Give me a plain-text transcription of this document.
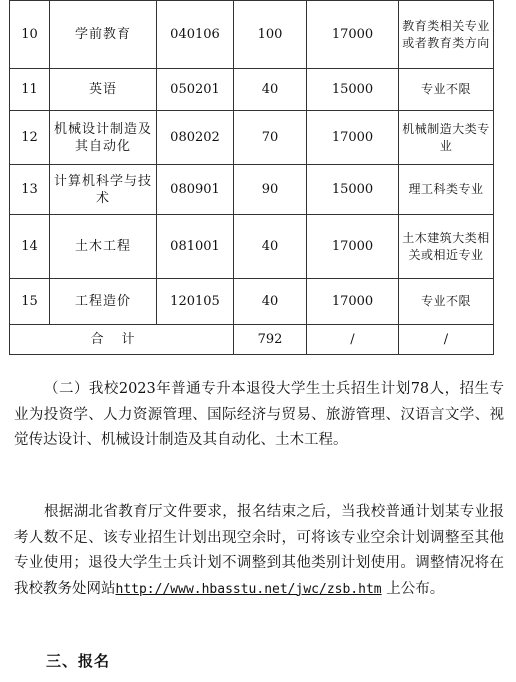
10	学前教育	040106	100	17000	教育类相关专业或者教育类方向
11	英语	050201	40	15000	专业不限
12	机械设计制造及其自动化	080202	70	17000	机械制造大类专业
13	计算机科学与技术	080901	90	15000	理工科类专业
14	土木工程	081001	40	17000	土木建筑大类相关或相近专业
15	工程造价	120105	40	17000	专业不限
合计			792	/	/

（二）我校2023年普通专升本退役大学生士兵招生计划78人，招生专业为投资学、人力资源管理、国际经济与贸易、旅游管理、汉语言文学、视觉传达设计、机械设计制造及其自动化、土木工程。

根据湖北省教育厅文件要求，报名结束之后，当我校普通计划某专业报考人数不足、该专业招生计划出现空余时，可将该专业空余计划调整至其他专业使用；退役大学生士兵计划不调整到其他类别计划使用。调整情况将在我校教务处网站http://www.hbasstu.net/jwc/zsb.htm 上公布。

三、报名
